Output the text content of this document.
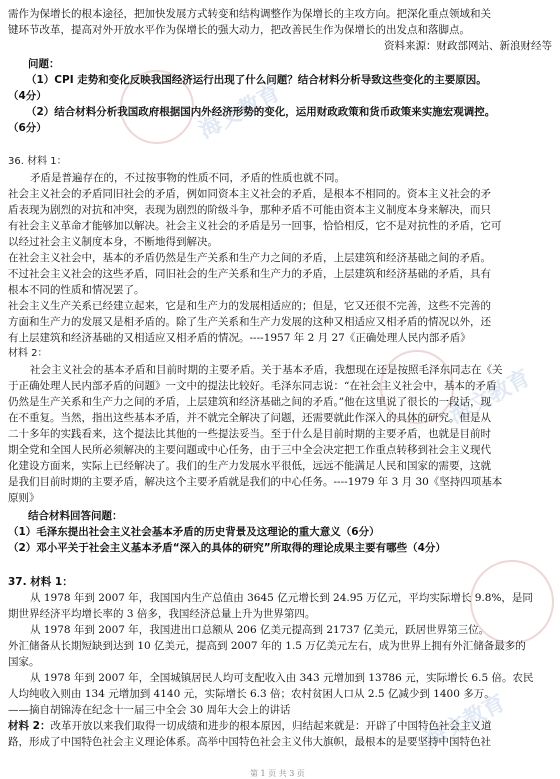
海文教育
海文教育
海文教育
需作为保增长的根本途径，把加快发展方式转变和结构调整作为保增长的主攻方向。把深化重点领域和关
键环节改革，提高对外开放水平作为保增长的强大动力，把改善民生作为保增长的出发点和落脚点。
资料来源：财政部网站、新浪财经等
问题：
（1）CPI 走势和变化反映我国经济运行出现了什么问题？结合材料分析导致这些变化的主要原因。
（4分）
（2）结合材料分析我国政府根据国内外经济形势的变化，运用财政政策和货币政策来实施宏观调控。
（6分）
36. 材料 1：
矛盾是普遍存在的，不过按事物的性质不同，矛盾的性质也就不同。
社会主义社会的矛盾同旧社会的矛盾，例如同资本主义社会的矛盾，是根本不相同的。资本主义社会的矛
盾表现为剧烈的对抗和冲突，表现为剧烈的阶级斗争，那种矛盾不可能由资本主义制度本身来解决，而只
有社会主义革命才能够加以解决。社会主义社会的矛盾是另一回事，恰恰相反，它不是对抗性的矛盾，它可
以经过社会主义制度本身，不断地得到解决。
在社会主义社会中，基本的矛盾仍然是生产关系和生产力之间的矛盾，上层建筑和经济基础之间的矛盾。
不过社会主义社会的这些矛盾，同旧社会的生产关系和生产力的矛盾，上层建筑和经济基础的矛盾，具有
根本不同的性质和情况罢了。
社会主义生产关系已经建立起来，它是和生产力的发展相适应的；但是，它又还很不完善，这些不完善的
方面和生产力的发展又是相矛盾的。除了生产关系和生产力发展的这种又相适应又相矛盾的情况以外，还
有上层建筑和经济基础的又相适应又相矛盾的情况。----1957 年 2 月 27《正确处理人民内部矛盾》
材料 2：
社会主义社会的基本矛盾和目前时期的主要矛盾。关于基本矛盾，我想现在还是按照毛泽东同志在《关
于正确处理人民内部矛盾的问题》一文中的提法比较好。毛泽东同志说：“在社会主义社会中，基本的矛盾
仍然是生产关系和生产力之间的矛盾，上层建筑和经济基础之间的矛盾。”他在这里说了很长的一段话，现
在不重复。当然，指出这些基本矛盾，并不就完全解决了问题，还需要就此作深入的具体的研究。但是从
二十多年的实践看来，这个提法比其他的一些提法妥当。至于什么是目前时期的主要矛盾，也就是目前时
期全党和全国人民所必须解决的主要问题或中心任务，由于三中全会决定把工作重点转移到社会主义现代
化建设方面来，实际上已经解决了。我们的生产力发展水平很低，远远不能满足人民和国家的需要，这就
是我们目前时期的主要矛盾，解决这个主要矛盾就是我们的中心任务。----1979 年 3 月 30《坚持四项基本
原则》
结合材料回答问题：
（1）毛泽东提出社会主义社会基本矛盾的历史背景及这理论的重大意义（6分）
（2）邓小平关于社会主义基本矛盾“深入的具体的研究”所取得的理论成果主要有哪些（4分）
37. 材料 1：
从 1978 年到 2007 年，我国国内生产总值由 3645 亿元增长到 24.95 万亿元，平均实际增长 9.8%，是同
期世界经济平均增长率的 3 倍多，我国经济总量上升为世界第四。
从 1978 年到 2007 年，我国进出口总额从 206 亿美元提高到 21737 亿美元，跃居世界第三位。
外汇储备从长期短缺到达到 10 亿美元，提高到 2007 年的 1.5 万亿美元左右，成为世界上拥有外汇储备最多的
国家。
从 1978 年到 2007 年，全国城镇居民人均可支配收入由 343 元增加到 13786 元，实际增长 6.5 倍。农民
人均纯收入则由 134 元增加到 4140 元，实际增长 6.3 倍；农村贫困人口从 2.5 亿减少到 1400 多万。
——摘自胡锦涛在纪念十一届三中全会 30 周年大会上的讲话
材料 2：改革开放以来我们取得一切成绩和进步的根本原因，归结起来就是：开辟了中国特色社会主义道
路，形成了中国特色社会主义理论体系。高举中国特色社会主义伟大旗帜，最根本的是要坚持中国特色社
第 1 页 共 3 页
